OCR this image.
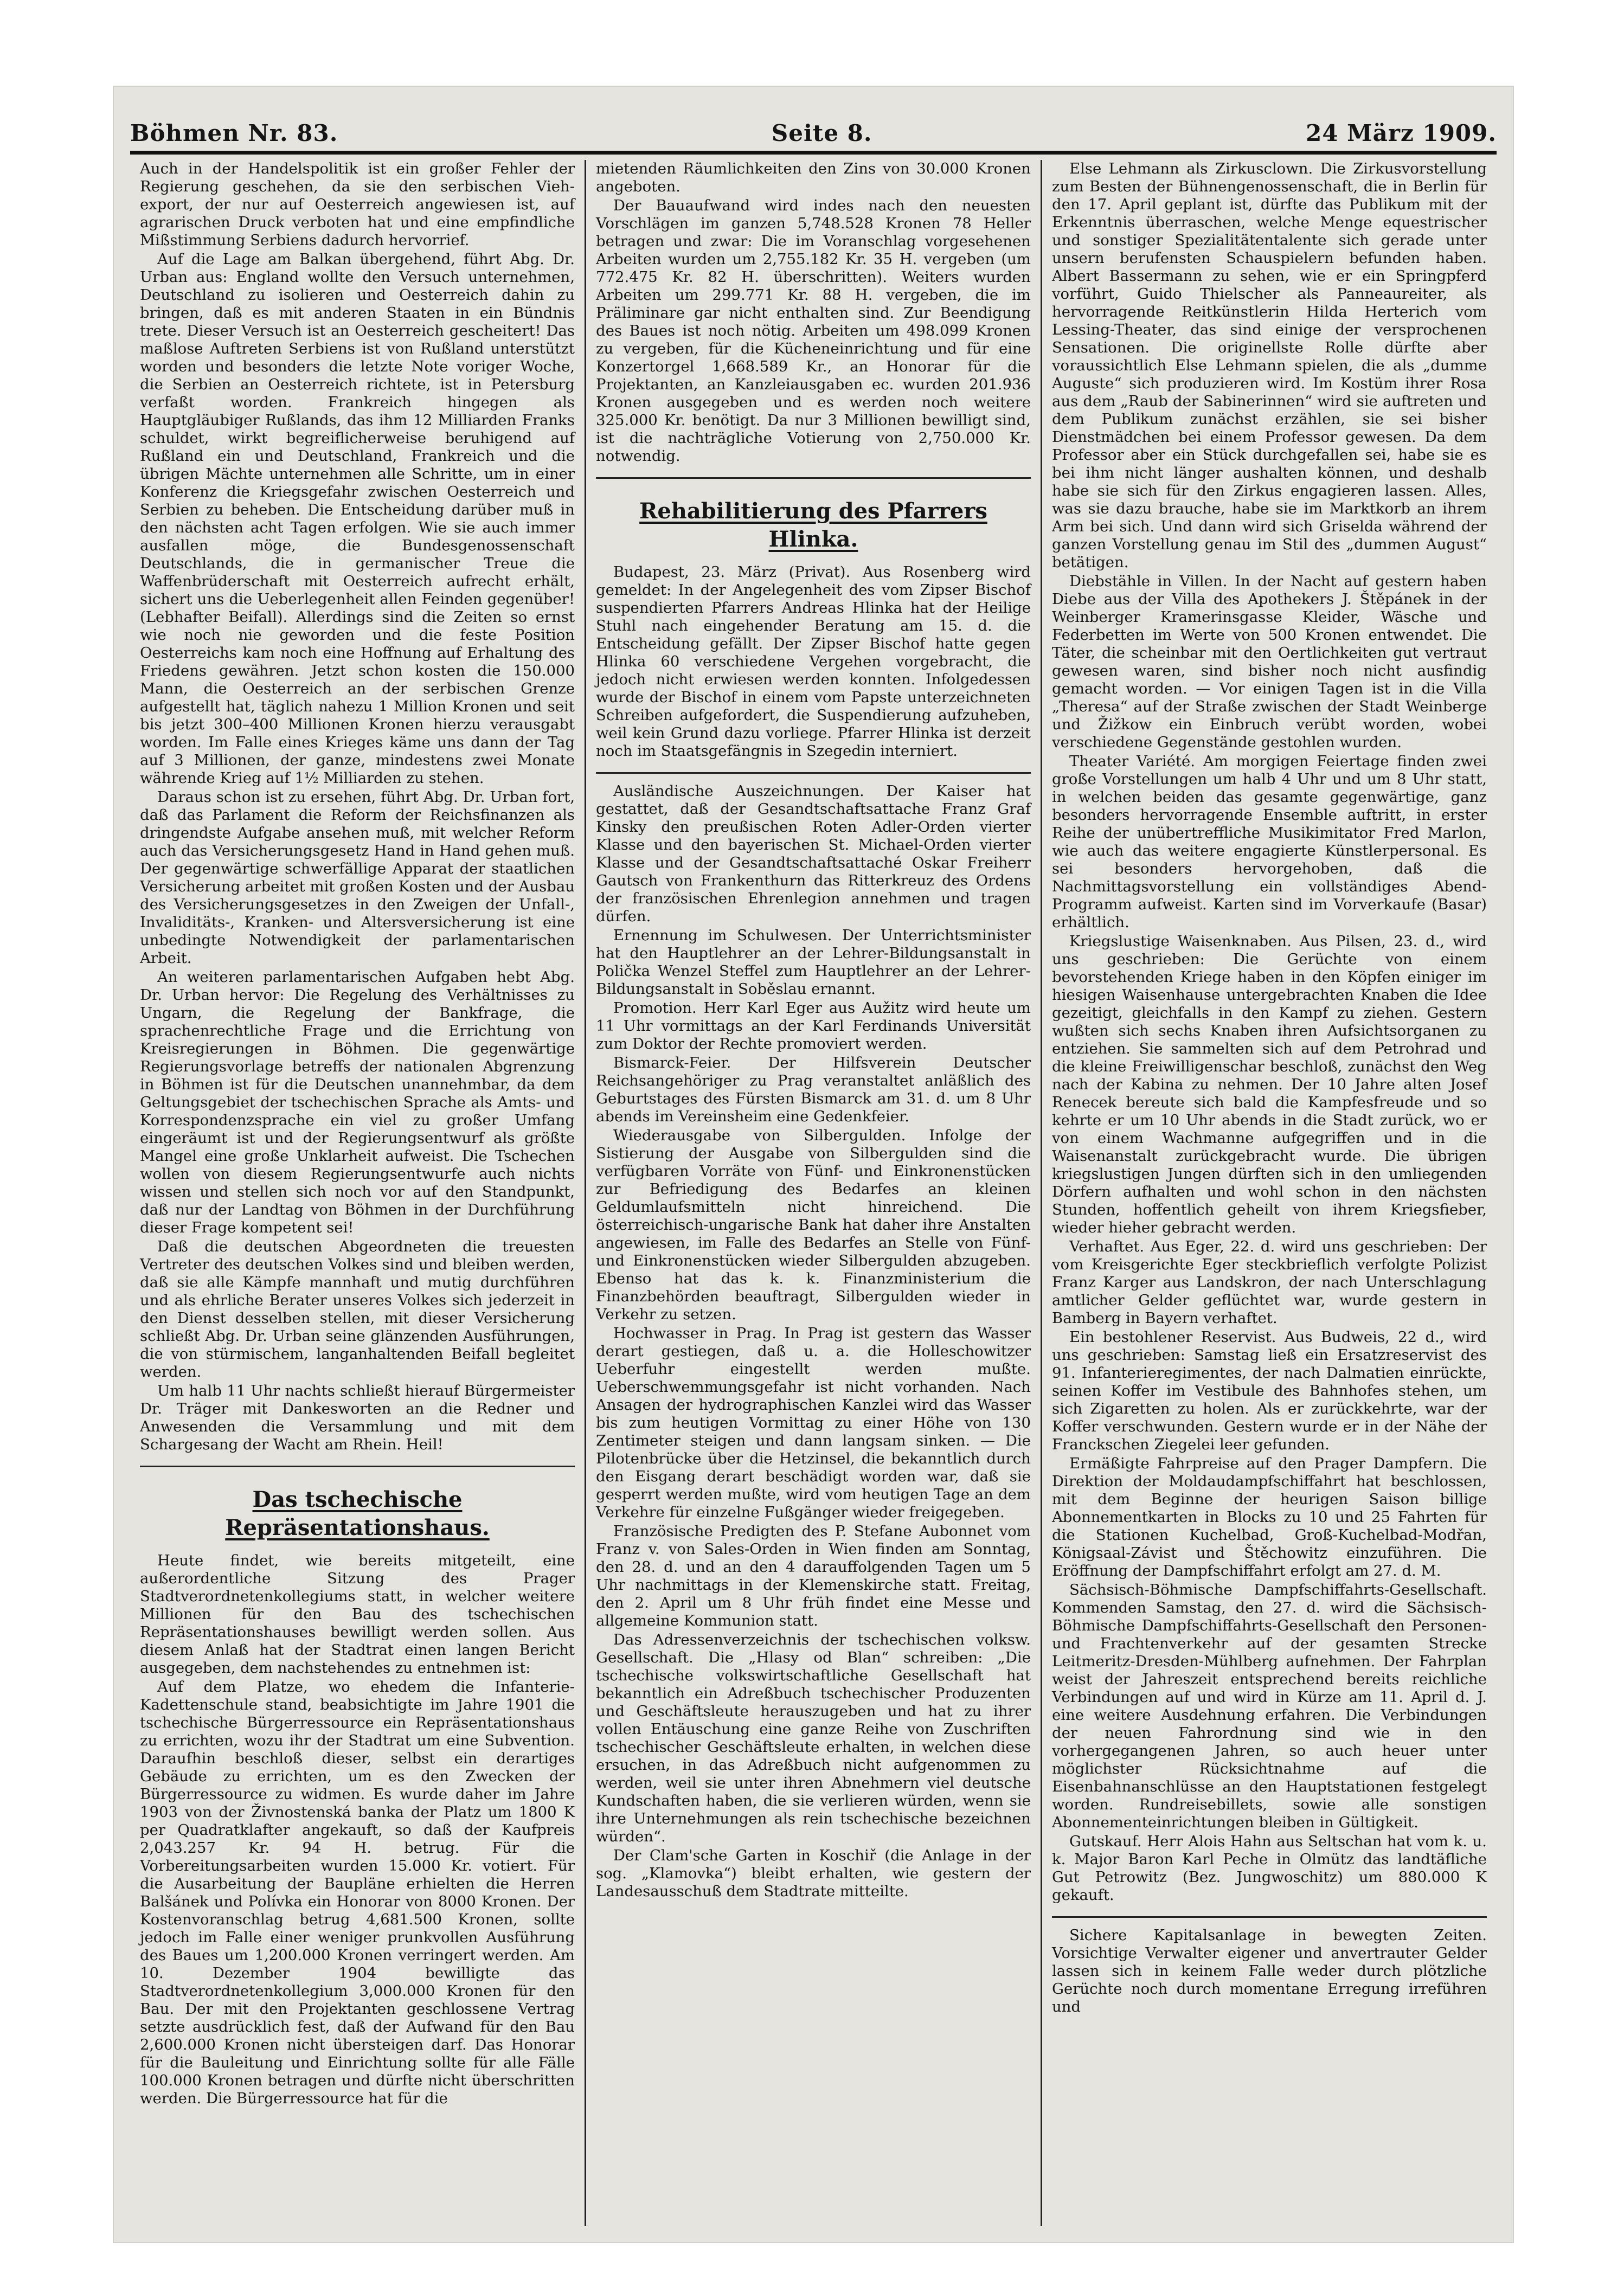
Böhmen Nr. 83.	Seite 8.	24 März 1909.

Auch in der Handelspolitik ist ein großer Fehler der Regierung geschehen, da sie den serbischen Vieh-export, der nur auf Oesterreich angewiesen ist, auf agrarischen Druck verboten hat und eine empfindliche Mißstimmung Serbiens dadurch hervorrief.

Auf die Lage am Balkan übergehend, führt Abg. Dr. Urban aus: England wollte den Versuch unternehmen, Deutschland zu isolieren und Oesterreich dahin zu bringen, daß es mit anderen Staaten in ein Bündnis trete. Dieser Versuch ist an Oesterreich gescheitert! Das maßlose Auftreten Serbiens ist von Rußland unterstützt worden und besonders die letzte Note voriger Woche, die Serbien an Oesterreich richtete, ist in Petersburg verfaßt worden. Frankreich hingegen als Hauptgläubiger Rußlands, das ihm 12 Milliarden Franks schuldet, wirkt begreiflicherweise beruhigend auf Rußland ein und Deutschland, Frankreich und die übrigen Mächte unternehmen alle Schritte, um in einer Konferenz die Kriegsgefahr zwischen Oesterreich und Serbien zu beheben. Die Entscheidung darüber muß in den nächsten acht Tagen erfolgen. Wie sie auch immer ausfallen möge, die Bundesgenossenschaft Deutschlands, die in germanischer Treue die Waffenbrüderschaft mit Oesterreich aufrecht erhält, sichert uns die Ueberlegenheit allen Feinden gegenüber! (Lebhafter Beifall). Allerdings sind die Zeiten so ernst wie noch nie geworden und die feste Position Oesterreichs kam noch eine Hoffnung auf Erhaltung des Friedens gewähren. Jetzt schon kosten die 150.000 Mann, die Oesterreich an der serbischen Grenze aufgestellt hat, täglich nahezu 1 Million Kronen und seit bis jetzt 300–400 Millionen Kronen hierzu verausgabt worden. Im Falle eines Krieges käme uns dann der Tag auf 3 Millionen, der ganze, mindestens zwei Monate währende Krieg auf 1½ Milliarden zu stehen.

Daraus schon ist zu ersehen, führt Abg. Dr. Urban fort, daß das Parlament die Reform der Reichsfinanzen als dringendste Aufgabe ansehen muß, mit welcher Reform auch das Versicherungsgesetz Hand in Hand gehen muß. Der gegenwärtige schwerfällige Apparat der staatlichen Versicherung arbeitet mit großen Kosten und der Ausbau des Versicherungsgesetzes in den Zweigen der Unfall-, Invaliditäts-, Kranken- und Altersversicherung ist eine unbedingte Notwendigkeit der parlamentarischen Arbeit.

An weiteren parlamentarischen Aufgaben hebt Abg. Dr. Urban hervor: Die Regelung des Verhältnisses zu Ungarn, die Regelung der Bankfrage, die sprachenrechtliche Frage und die Errichtung von Kreisregierungen in Böhmen. Die gegenwärtige Regierungsvorlage betreffs der nationalen Abgrenzung in Böhmen ist für die Deutschen unannehmbar, da dem Geltungsgebiet der tschechischen Sprache als Amts- und Korrespondenzsprache ein viel zu großer Umfang eingeräumt ist und der Regierungsentwurf als größte Mangel eine große Unklarheit aufweist. Die Tschechen wollen von diesem Regierungsentwurfe auch nichts wissen und stellen sich noch vor auf den Standpunkt, daß nur der Landtag von Böhmen in der Durchführung dieser Frage kompetent sei!

Daß die deutschen Abgeordneten die treuesten Vertreter des deutschen Volkes sind und bleiben werden, daß sie alle Kämpfe mannhaft und mutig durchführen und als ehrliche Berater unseres Volkes sich jederzeit in den Dienst desselben stellen, mit dieser Versicherung schließt Abg. Dr. Urban seine glänzenden Ausführungen, die von stürmischem, langanhaltenden Beifall begleitet werden.

Um halb 11 Uhr nachts schließt hierauf Bürgermeister Dr. Träger mit Dankesworten an die Redner und Anwesenden die Versammlung und mit dem Schargesang der Wacht am Rhein. Heil!

Das tschechische Repräsentationshaus.

Heute findet, wie bereits mitgeteilt, eine außerordentliche Sitzung des Prager Stadtverordnetenkollegiums statt, in welcher weitere Millionen für den Bau des tschechischen Repräsentationshauses bewilligt werden sollen. Aus diesem Anlaß hat der Stadtrat einen langen Bericht ausgegeben, dem nachstehendes zu entnehmen ist:

Auf dem Platze, wo ehedem die Infanterie-Kadettenschule stand, beabsichtigte im Jahre 1901 die tschechische Bürgerressource ein Repräsentationshaus zu errichten, wozu ihr der Stadtrat um eine Subvention. Daraufhin beschloß dieser, selbst ein derartiges Gebäude zu errichten, um es den Zwecken der Bürgerressource zu widmen. Es wurde daher im Jahre 1903 von der Živnostenská banka der Platz um 1800 K per Quadratklafter angekauft, so daß der Kaufpreis 2,043.257 Kr. 94 H. betrug. Für die Vorbereitungsarbeiten wurden 15.000 Kr. votiert. Für die Ausarbeitung der Baupläne erhielten die Herren Balšánek und Polívka ein Honorar von 8000 Kronen. Der Kostenvoranschlag betrug 4,681.500 Kronen, sollte jedoch im Falle einer weniger prunkvollen Ausführung des Baues um 1,200.000 Kronen verringert werden. Am 10. Dezember 1904 bewilligte das Stadtverordnetenkollegium 3,000.000 Kronen für den Bau. Der mit den Projektanten geschlossene Vertrag setzte ausdrücklich fest, daß der Aufwand für den Bau 2,600.000 Kronen nicht übersteigen darf. Das Honorar für die Bauleitung und Einrichtung sollte für alle Fälle 100.000 Kronen betragen und dürfte nicht überschritten werden. Die Bürgerressource hat für die

mietenden Räumlichkeiten den Zins von 30.000 Kronen angeboten.

Der Bauaufwand wird indes nach den neuesten Vorschlägen im ganzen 5,748.528 Kronen 78 Heller betragen und zwar: Die im Voranschlag vorgesehenen Arbeiten wurden um 2,755.182 Kr. 35 H. vergeben (um 772.475 Kr. 82 H. überschritten). Weiters wurden Arbeiten um 299.771 Kr. 88 H. vergeben, die im Präliminare gar nicht enthalten sind. Zur Beendigung des Baues ist noch nötig. Arbeiten um 498.099 Kronen zu vergeben, für die Kücheneinrichtung und für eine Konzertorgel 1,668.589 Kr., an Honorar für die Projektanten, an Kanzleiausgaben ec. wurden 201.936 Kronen ausgegeben und es werden noch weitere 325.000 Kr. benötigt. Da nur 3 Millionen bewilligt sind, ist die nachträgliche Votierung von 2,750.000 Kr. notwendig.

Rehabilitierung des Pfarrers Hlinka.

Budapest, 23. März (Privat). Aus Rosenberg wird gemeldet: In der Angelegenheit des vom Zipser Bischof suspendierten Pfarrers Andreas Hlinka hat der Heilige Stuhl nach eingehender Beratung am 15. d. die Entscheidung gefällt. Der Zipser Bischof hatte gegen Hlinka 60 verschiedene Vergehen vorgebracht, die jedoch nicht erwiesen werden konnten. Infolgedessen wurde der Bischof in einem vom Papste unterzeichneten Schreiben aufgefordert, die Suspendierung aufzuheben, weil kein Grund dazu vorliege. Pfarrer Hlinka ist derzeit noch im Staatsgefängnis in Szegedin interniert.

Ausländische Auszeichnungen. Der Kaiser hat gestattet, daß der Gesandtschaftsattache Franz Graf Kinsky den preußischen Roten Adler-Orden vierter Klasse und den bayerischen St. Michael-Orden vierter Klasse und der Gesandtschaftsattaché Oskar Freiherr Gautsch von Frankenthurn das Ritterkreuz des Ordens der französischen Ehrenlegion annehmen und tragen dürfen.

Ernennung im Schulwesen. Der Unterrichtsminister hat den Hauptlehrer an der Lehrer-Bildungsanstalt in Polička Wenzel Steffel zum Hauptlehrer an der Lehrer-Bildungsanstalt in Soběslau ernannt.

Promotion. Herr Karl Eger aus Aužitz wird heute um 11 Uhr vormittags an der Karl Ferdinands Universität zum Doktor der Rechte promoviert werden.

Bismarck-Feier. Der Hilfsverein Deutscher Reichsangehöriger zu Prag veranstaltet anläßlich des Geburtstages des Fürsten Bismarck am 31. d. um 8 Uhr abends im Vereinsheim eine Gedenkfeier.

Wiederausgabe von Silbergulden. Infolge der Sistierung der Ausgabe von Silbergulden sind die verfügbaren Vorräte von Fünf- und Einkronenstücken zur Befriedigung des Bedarfes an kleinen Geldumlaufsmitteln nicht hinreichend. Die österreichisch-ungarische Bank hat daher ihre Anstalten angewiesen, im Falle des Bedarfes an Stelle von Fünf- und Einkronenstücken wieder Silbergulden abzugeben. Ebenso hat das k. k. Finanzministerium die Finanzbehörden beauftragt, Silbergulden wieder in Verkehr zu setzen.

Hochwasser in Prag. In Prag ist gestern das Wasser derart gestiegen, daß u. a. die Holleschowitzer Ueberfuhr eingestellt werden mußte. Ueberschwemmungsgefahr ist nicht vorhanden. Nach Ansagen der hydrographischen Kanzlei wird das Wasser bis zum heutigen Vormittag zu einer Höhe von 130 Zentimeter steigen und dann langsam sinken. — Die Pilotenbrücke über die Hetzinsel, die bekanntlich durch den Eisgang derart beschädigt worden war, daß sie gesperrt werden mußte, wird vom heutigen Tage an dem Verkehre für einzelne Fußgänger wieder freigegeben.

Französische Predigten des P. Stefane Aubonnet vom Franz v. von Sales-Orden in Wien finden am Sonntag, den 28. d. und an den 4 darauffolgenden Tagen um 5 Uhr nachmittags in der Klemenskirche statt. Freitag, den 2. April um 8 Uhr früh findet eine Messe und allgemeine Kommunion statt.

Das Adressenverzeichnis der tschechischen volksw. Gesellschaft. Die „Hlasy od Blan“ schreiben: „Die tschechische volkswirtschaftliche Gesellschaft hat bekanntlich ein Adreßbuch tschechischer Produzenten und Geschäftsleute herauszugeben und hat zu ihrer vollen Entäuschung eine ganze Reihe von Zuschriften tschechischer Geschäftsleute erhalten, in welchen diese ersuchen, in das Adreßbuch nicht aufgenommen zu werden, weil sie unter ihren Abnehmern viel deutsche Kundschaften haben, die sie verlieren würden, wenn sie ihre Unternehmungen als rein tschechische bezeichnen würden“.

Der Clam'sche Garten in Koschiř (die Anlage in der sog. „Klamovka“) bleibt erhalten, wie gestern der Landesausschuß dem Stadtrate mitteilte.

Else Lehmann als Zirkusclown. Die Zirkusvorstellung zum Besten der Bühnengenossenschaft, die in Berlin für den 17. April geplant ist, dürfte das Publikum mit der Erkenntnis überraschen, welche Menge equestrischer und sonstiger Spezialitätentalente sich gerade unter unsern berufensten Schauspielern befunden haben. Albert Bassermann zu sehen, wie er ein Springpferd vorführt, Guido Thielscher als Panneaureiter, als hervorragende Reitkünstlerin Hilda Herterich vom Lessing-Theater, das sind einige der versprochenen Sensationen. Die originellste Rolle dürfte aber voraussichtlich Else Lehmann spielen, die als „dumme Auguste“ sich produzieren wird. Im Kostüm ihrer Rosa aus dem „Raub der Sabinerinnen“ wird sie auftreten und dem Publikum zunächst erzählen, sie sei bisher Dienstmädchen bei einem Professor gewesen. Da dem Professor aber ein Stück durchgefallen sei, habe sie es bei ihm nicht länger aushalten können, und deshalb habe sie sich für den Zirkus engagieren lassen. Alles, was sie dazu brauche, habe sie im Marktkorb an ihrem Arm bei sich. Und dann wird sich Griselda während der ganzen Vorstellung genau im Stil des „dummen August“ betätigen.

Diebstähle in Villen. In der Nacht auf gestern haben Diebe aus der Villa des Apothekers J. Štěpánek in der Weinberger Kramerinsgasse Kleider, Wäsche und Federbetten im Werte von 500 Kronen entwendet. Die Täter, die scheinbar mit den Oertlichkeiten gut vertraut gewesen waren, sind bisher noch nicht ausfindig gemacht worden. — Vor einigen Tagen ist in die Villa „Theresa“ auf der Straße zwischen der Stadt Weinberge und Žižkow ein Einbruch verübt worden, wobei verschiedene Gegenstände gestohlen wurden.

Theater Variété. Am morgigen Feiertage finden zwei große Vorstellungen um halb 4 Uhr und um 8 Uhr statt, in welchen beiden das gesamte gegenwärtige, ganz besonders hervorragende Ensemble auftritt, in erster Reihe der unübertreffliche Musikimitator Fred Marlon, wie auch das weitere engagierte Künstlerpersonal. Es sei besonders hervorgehoben, daß die Nachmittagsvorstellung ein vollständiges Abend-Programm aufweist. Karten sind im Vorverkaufe (Basar) erhältlich.

Kriegslustige Waisenknaben. Aus Pilsen, 23. d., wird uns geschrieben: Die Gerüchte von einem bevorstehenden Kriege haben in den Köpfen einiger im hiesigen Waisenhause untergebrachten Knaben die Idee gezeitigt, gleichfalls in den Kampf zu ziehen. Gestern wußten sich sechs Knaben ihren Aufsichtsorganen zu entziehen. Sie sammelten sich auf dem Petrohrad und die kleine Freiwilligenschar beschloß, zunächst den Weg nach der Kabina zu nehmen. Der 10 Jahre alten Josef Renecek bereute sich bald die Kampfesfreude und so kehrte er um 10 Uhr abends in die Stadt zurück, wo er von einem Wachmanne aufgegriffen und in die Waisenanstalt zurückgebracht wurde. Die übrigen kriegslustigen Jungen dürften sich in den umliegenden Dörfern aufhalten und wohl schon in den nächsten Stunden, hoffentlich geheilt von ihrem Kriegsfieber, wieder hieher gebracht werden.

Verhaftet. Aus Eger, 22. d. wird uns geschrieben: Der vom Kreisgerichte Eger steckbrieflich verfolgte Polizist Franz Karger aus Landskron, der nach Unterschlagung amtlicher Gelder geflüchtet war, wurde gestern in Bamberg in Bayern verhaftet.

Ein bestohlener Reservist. Aus Budweis, 22 d., wird uns geschrieben: Samstag ließ ein Ersatzreservist des 91. Infanterieregimentes, der nach Dalmatien einrückte, seinen Koffer im Vestibule des Bahnhofes stehen, um sich Zigaretten zu holen. Als er zurückkehrte, war der Koffer verschwunden. Gestern wurde er in der Nähe der Franckschen Ziegelei leer gefunden.

Ermäßigte Fahrpreise auf den Prager Dampfern. Die Direktion der Moldaudampfschiffahrt hat beschlossen, mit dem Beginne der heurigen Saison billige Abonnementkarten in Blocks zu 10 und 25 Fahrten für die Stationen Kuchelbad, Groß-Kuchelbad-Modřan, Königsaal-Závist und Štěchowitz einzuführen. Die Eröffnung der Dampfschiffahrt erfolgt am 27. d. M.

Sächsisch-Böhmische Dampfschiffahrts-Gesellschaft. Kommenden Samstag, den 27. d. wird die Sächsisch-Böhmische Dampfschiffahrts-Gesellschaft den Personen- und Frachtenverkehr auf der gesamten Strecke Leitmeritz-Dresden-Mühlberg aufnehmen. Der Fahrplan weist der Jahreszeit entsprechend bereits reichliche Verbindungen auf und wird in Kürze am 11. April d. J. eine weitere Ausdehnung erfahren. Die Verbindungen der neuen Fahrordnung sind wie in den vorhergegangenen Jahren, so auch heuer unter möglichster Rücksichtnahme auf die Eisenbahnanschlüsse an den Hauptstationen festgelegt worden. Rundreisebillets, sowie alle sonstigen Abonnementeinrichtungen bleiben in Gültigkeit.

Gutskauf. Herr Alois Hahn aus Seltschan hat vom k. u. k. Major Baron Karl Peche in Olmütz das landtäfliche Gut Petrowitz (Bez. Jungwoschitz) um 880.000 K gekauft.

Sichere Kapitalsanlage in bewegten Zeiten. Vorsichtige Verwalter eigener und anvertrauter Gelder lassen sich in keinem Falle weder durch plötzliche Gerüchte noch durch momentane Erregung irreführen und
